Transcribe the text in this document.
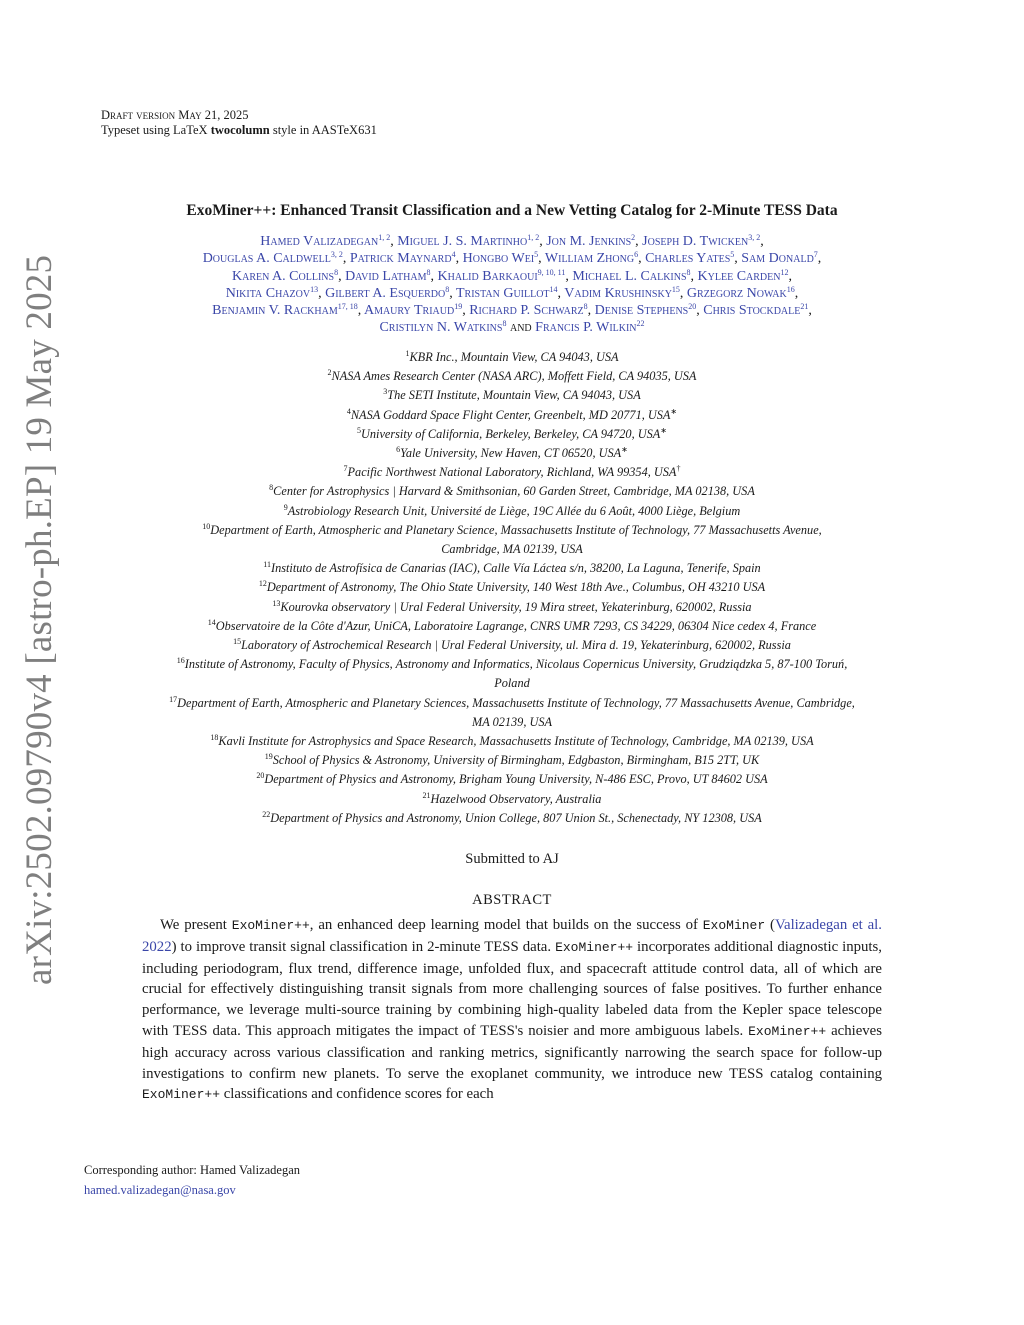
arXiv:2502.09790v4 [astro-ph.EP] 19 May 2025
Draft version May 21, 2025
Typeset using LaTeX twocolumn style in AASTeX631
ExoMiner++: Enhanced Transit Classification and a New Vetting Catalog for 2-Minute TESS Data
Hamed Valizadegan$^{1, 2}$, Miguel J. S. Martinho$^{1, 2}$, Jon M. Jenkins$^2$, Joseph D. Twicken$^{3, 2}$,
Douglas A. Caldwell$^{3, 2}$, Patrick Maynard$^4$, Hongbo Wei$^5$, William Zhong$^6$, Charles Yates$^5$, Sam Donald$^7$,
Karen A. Collins$^8$, David Latham$^8$, Khalid Barkaoui$^{9, 10, 11}$, Michael L. Calkins$^8$, Kylee Carden$^{12}$,
Nikita Chazov$^{13}$, Gilbert A. Esquerdo$^8$, Tristan Guillot$^{14}$, Vadim Krushinsky$^{15}$, Grzegorz Nowak$^{16}$,
Benjamin V. Rackham$^{17, 18}$, Amaury Triaud$^{19}$, Richard P. Schwarz$^8$, Denise Stephens$^{20}$, Chris Stockdale$^{21}$,
Cristilyn N. Watkins$^8$ and Francis P. Wilkin$^{22}$
$^1$KBR Inc., Mountain View, CA 94043, USA
$^2$NASA Ames Research Center (NASA ARC), Moffett Field, CA 94035, USA
$^3$The SETI Institute, Mountain View, CA 94043, USA
$^4$NASA Goddard Space Flight Center, Greenbelt, MD 20771, USA∗
$^5$University of California, Berkeley, Berkeley, CA 94720, USA∗
$^6$Yale University, New Haven, CT 06520, USA∗
$^7$Pacific Northwest National Laboratory, Richland, WA 99354, USA†
$^8$Center for Astrophysics | Harvard & Smithsonian, 60 Garden Street, Cambridge, MA 02138, USA
$^9$Astrobiology Research Unit, Université de Liège, 19C Allée du 6 Août, 4000 Liège, Belgium
$^{10}$Department of Earth, Atmospheric and Planetary Science, Massachusetts Institute of Technology, 77 Massachusetts Avenue,
Cambridge, MA 02139, USA
$^{11}$Instituto de Astrofísica de Canarias (IAC), Calle Vía Láctea s/n, 38200, La Laguna, Tenerife, Spain
$^{12}$Department of Astronomy, The Ohio State University, 140 West 18th Ave., Columbus, OH 43210 USA
$^{13}$Kourovka observatory | Ural Federal University, 19 Mira street, Yekaterinburg, 620002, Russia
$^{14}$Observatoire de la Côte d'Azur, UniCA, Laboratoire Lagrange, CNRS UMR 7293, CS 34229, 06304 Nice cedex 4, France
$^{15}$Laboratory of Astrochemical Research | Ural Federal University, ul. Mira d. 19, Yekaterinburg, 620002, Russia
$^{16}$Institute of Astronomy, Faculty of Physics, Astronomy and Informatics, Nicolaus Copernicus University, Grudziądzka 5, 87-100 Toruń,
Poland
$^{17}$Department of Earth, Atmospheric and Planetary Sciences, Massachusetts Institute of Technology, 77 Massachusetts Avenue, Cambridge,
MA 02139, USA
$^{18}$Kavli Institute for Astrophysics and Space Research, Massachusetts Institute of Technology, Cambridge, MA 02139, USA
$^{19}$School of Physics & Astronomy, University of Birmingham, Edgbaston, Birmingham, B15 2TT, UK
$^{20}$Department of Physics and Astronomy, Brigham Young University, N-486 ESC, Provo, UT 84602 USA
$^{21}$Hazelwood Observatory, Australia
$^{22}$Department of Physics and Astronomy, Union College, 807 Union St., Schenectady, NY 12308, USA
Submitted to AJ
ABSTRACT
We present ExoMiner++, an enhanced deep learning model that builds on the success of ExoMiner (Valizadegan et al. 2022) to improve transit signal classification in 2-minute TESS data. ExoMiner++ incorporates additional diagnostic inputs, including periodogram, flux trend, difference image, unfolded flux, and spacecraft attitude control data, all of which are crucial for effectively distinguishing transit signals from more challenging sources of false positives. To further enhance performance, we leverage multi-source training by combining high-quality labeled data from the Kepler space telescope with TESS data. This approach mitigates the impact of TESS's noisier and more ambiguous labels. ExoMiner++ achieves high accuracy across various classification and ranking metrics, significantly narrowing the search space for follow-up investigations to confirm new planets. To serve the exoplanet community, we introduce new TESS catalog containing ExoMiner++ classifications and confidence scores for each
Corresponding author: Hamed Valizadegan
hamed.valizadegan@nasa.gov
